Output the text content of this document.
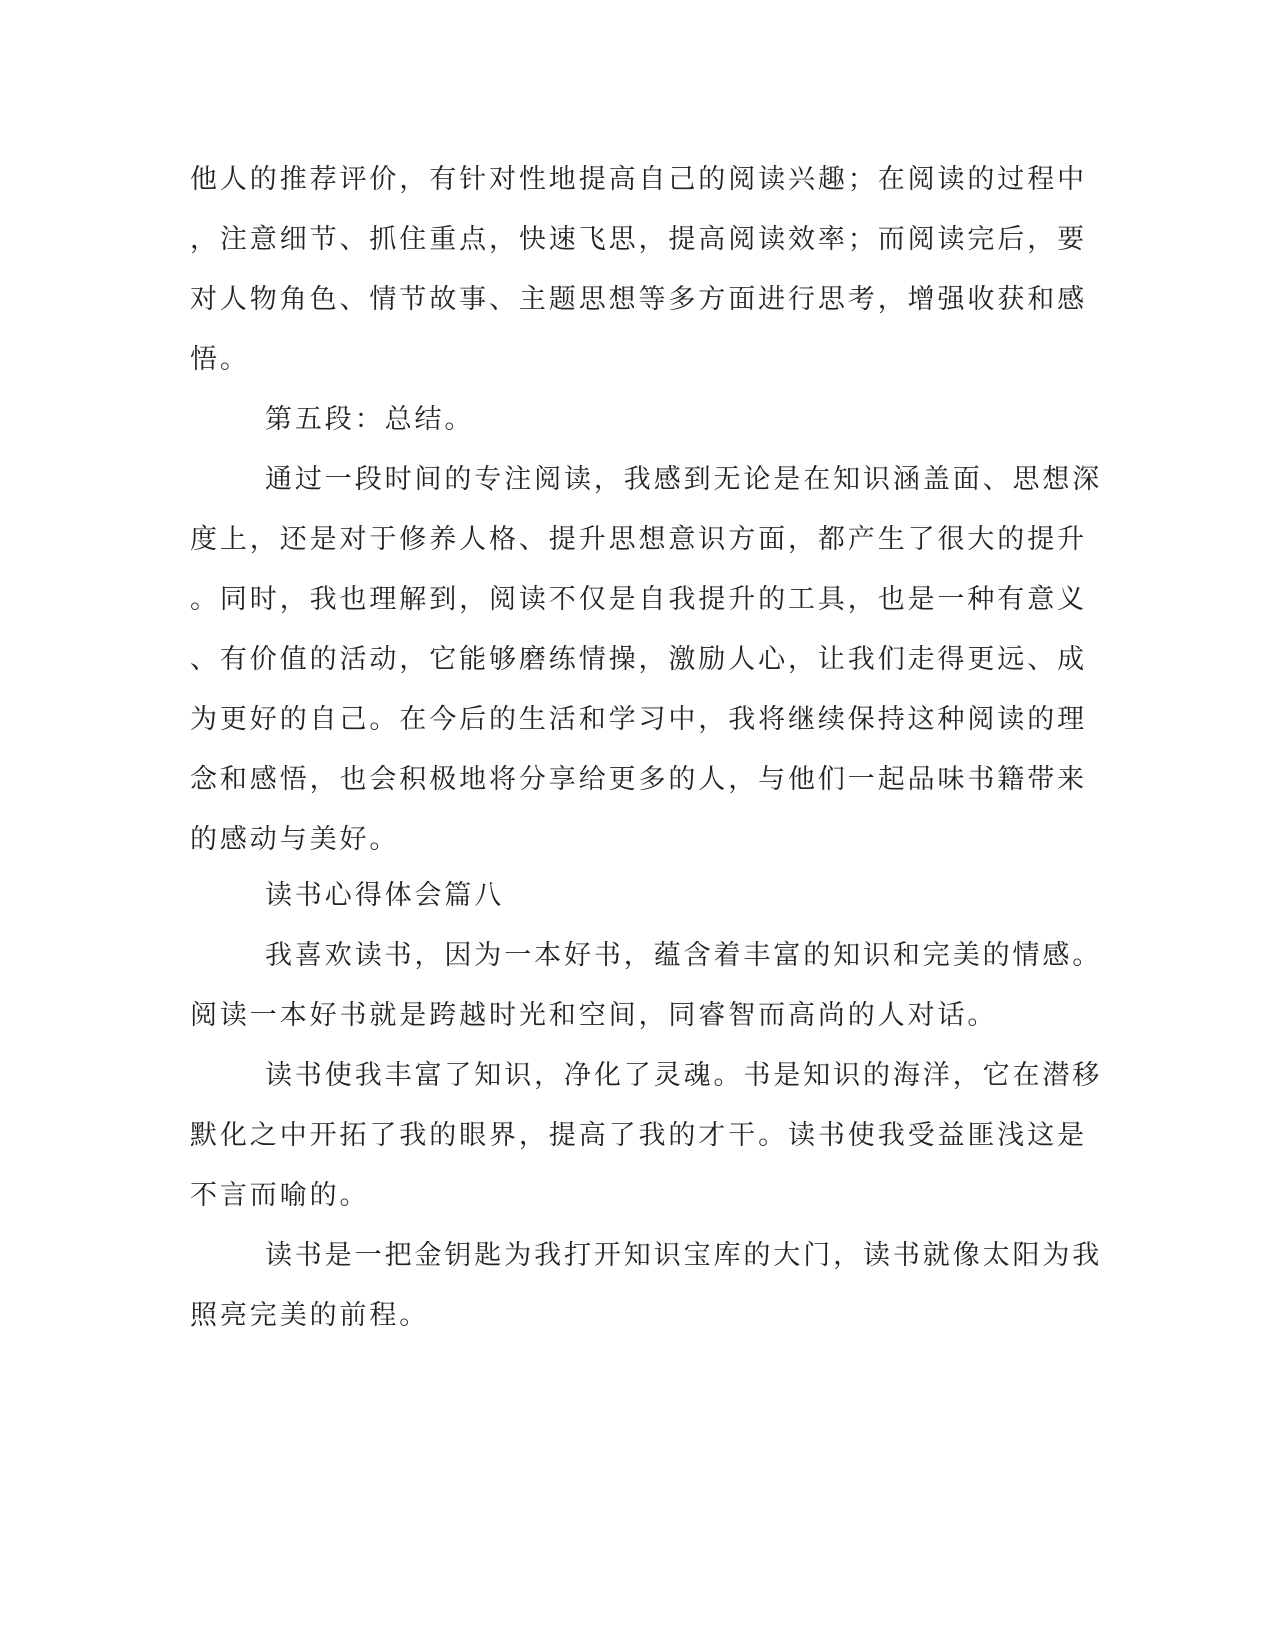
他人的推荐评价，有针对性地提高自己的阅读兴趣；在阅读的过程中
，注意细节、抓住重点，快速飞思，提高阅读效率；而阅读完后，要
对人物角色、情节故事、主题思想等多方面进行思考，增强收获和感
悟。
第五段：总结。
通过一段时间的专注阅读，我感到无论是在知识涵盖面、思想深
度上，还是对于修养人格、提升思想意识方面，都产生了很大的提升
。同时，我也理解到，阅读不仅是自我提升的工具，也是一种有意义
、有价值的活动，它能够磨练情操，激励人心，让我们走得更远、成
为更好的自己。在今后的生活和学习中，我将继续保持这种阅读的理
念和感悟，也会积极地将分享给更多的人，与他们一起品味书籍带来
的感动与美好。
读书心得体会篇八
我喜欢读书，因为一本好书，蕴含着丰富的知识和完美的情感。
阅读一本好书就是跨越时光和空间，同睿智而高尚的人对话。
读书使我丰富了知识，净化了灵魂。书是知识的海洋，它在潜移
默化之中开拓了我的眼界，提高了我的才干。读书使我受益匪浅这是
不言而喻的。
读书是一把金钥匙为我打开知识宝库的大门，读书就像太阳为我
照亮完美的前程。
